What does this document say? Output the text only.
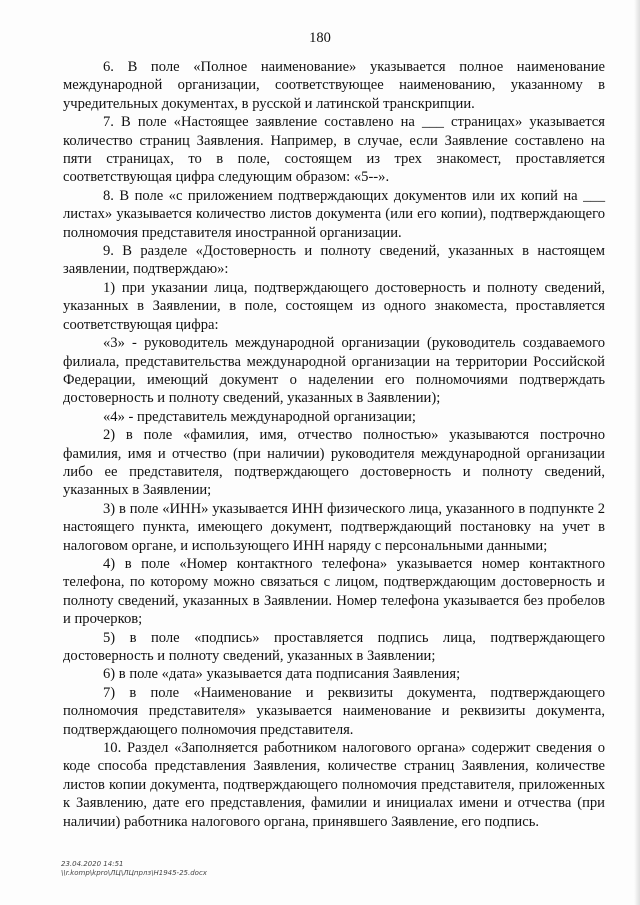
180

6. В поле «Полное наименование» указывается полное наименование международной организации, соответствующее наименованию, указанному в учредительных документах, в русской и латинской транскрипции.

7. В поле «Настоящее заявление составлено на ___ страницах» указывается количество страниц Заявления. Например, в случае, если Заявление составлено на пяти страницах, то в поле, состоящем из трех знакомест, проставляется соответствующая цифра следующим образом: «5--».

8. В поле «с приложением подтверждающих документов или их копий на ___ листах» указывается количество листов документа (или его копии), подтверждающего полномочия представителя иностранной организации.

9. В разделе «Достоверность и полноту сведений, указанных в настоящем заявлении, подтверждаю»:

1) при указании лица, подтверждающего достоверность и полноту сведений, указанных в Заявлении, в поле, состоящем из одного знакоместа, проставляется соответствующая цифра:

«3» - руководитель международной организации (руководитель создаваемого филиала, представительства международной организации на территории Российской Федерации, имеющий документ о наделении его полномочиями подтверждать достоверность и полноту сведений, указанных в Заявлении);

«4» - представитель международной организации;

2) в поле «фамилия, имя, отчество полностью» указываются построчно фамилия, имя и отчество (при наличии) руководителя международной организации либо ее представителя, подтверждающего достоверность и полноту сведений, указанных в Заявлении;

3) в поле «ИНН» указывается ИНН физического лица, указанного в подпункте 2 настоящего пункта, имеющего документ, подтверждающий постановку на учет в налоговом органе, и использующего ИНН наряду с персональными данными;

4) в поле «Номер контактного телефона» указывается номер контактного телефона, по которому можно связаться с лицом, подтверждающим достоверность и полноту сведений, указанных в Заявлении. Номер телефона указывается без пробелов и прочерков;

5) в поле «подпись» проставляется подпись лица, подтверждающего достоверность и полноту сведений, указанных в Заявлении;

6) в поле «дата» указывается дата подписания Заявления;

7) в поле «Наименование и реквизиты документа, подтверждающего полномочия представителя» указывается наименование и реквизиты документа, подтверждающего полномочия представителя.

10. Раздел «Заполняется работником налогового органа» содержит сведения о коде способа представления Заявления, количестве страниц Заявления, количестве листов копии документа, подтверждающего полномочия представителя, приложенных к Заявлению, дате его представления, фамилии и инициалах имени и отчества (при наличии) работника налогового органа, принявшего Заявление, его подпись.

23.04.2020 14:51
\\r.komp\kpro\ЛЦ\ЛЦпрлз\Н1945-25.docx
